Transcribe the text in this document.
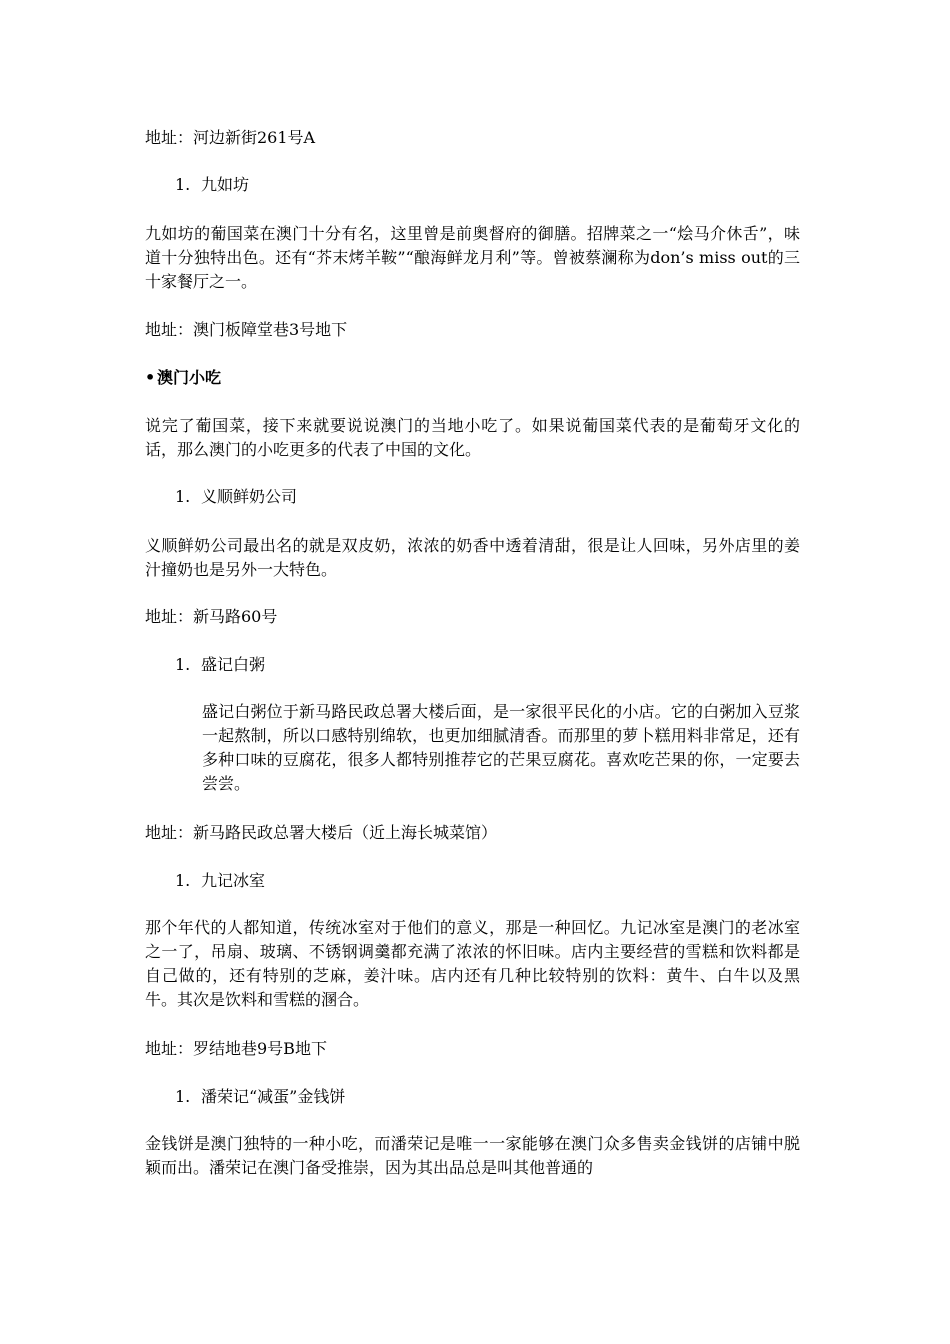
地址：河边新街261号A

1. 九如坊

九如坊的葡国菜在澳门十分有名，这里曾是前奥督府的御膳。招牌菜之一“烩马介休舌”，味道十分独特出色。还有“芥末烤羊鞍”“酿海鲜龙月利”等。曾被蔡澜称为don’s miss out的三十家餐厅之一。

地址：澳门板障堂巷3号地下

• 澳门小吃

说完了葡国菜，接下来就要说说澳门的当地小吃了。如果说葡国菜代表的是葡萄牙文化的话，那么澳门的小吃更多的代表了中国的文化。

1. 义顺鲜奶公司

义顺鲜奶公司最出名的就是双皮奶，浓浓的奶香中透着清甜，很是让人回味，另外店里的姜汁撞奶也是另外一大特色。

地址：新马路60号

1. 盛记白粥

盛记白粥位于新马路民政总署大楼后面，是一家很平民化的小店。它的白粥加入豆浆一起熬制，所以口感特别绵软，也更加细腻清香。而那里的萝卜糕用料非常足，还有多种口味的豆腐花，很多人都特别推荐它的芒果豆腐花。喜欢吃芒果的你，一定要去尝尝。

地址：新马路民政总署大楼后（近上海长城菜馆）

1. 九记冰室

那个年代的人都知道，传统冰室对于他们的意义，那是一种回忆。九记冰室是澳门的老冰室之一了，吊扇、玻璃、不锈钢调羹都充满了浓浓的怀旧味。店内主要经营的雪糕和饮料都是自己做的，还有特别的芝麻，姜汁味。店内还有几种比较特别的饮料：黄牛、白牛以及黑牛。其次是饮料和雪糕的溷合。

地址：罗结地巷9号B地下

1. 潘荣记“减蛋”金钱饼

金钱饼是澳门独特的一种小吃，而潘荣记是唯一一家能够在澳门众多售卖金钱饼的店铺中脱颖而出。潘荣记在澳门备受推崇，因为其出品总是叫其他普通的
